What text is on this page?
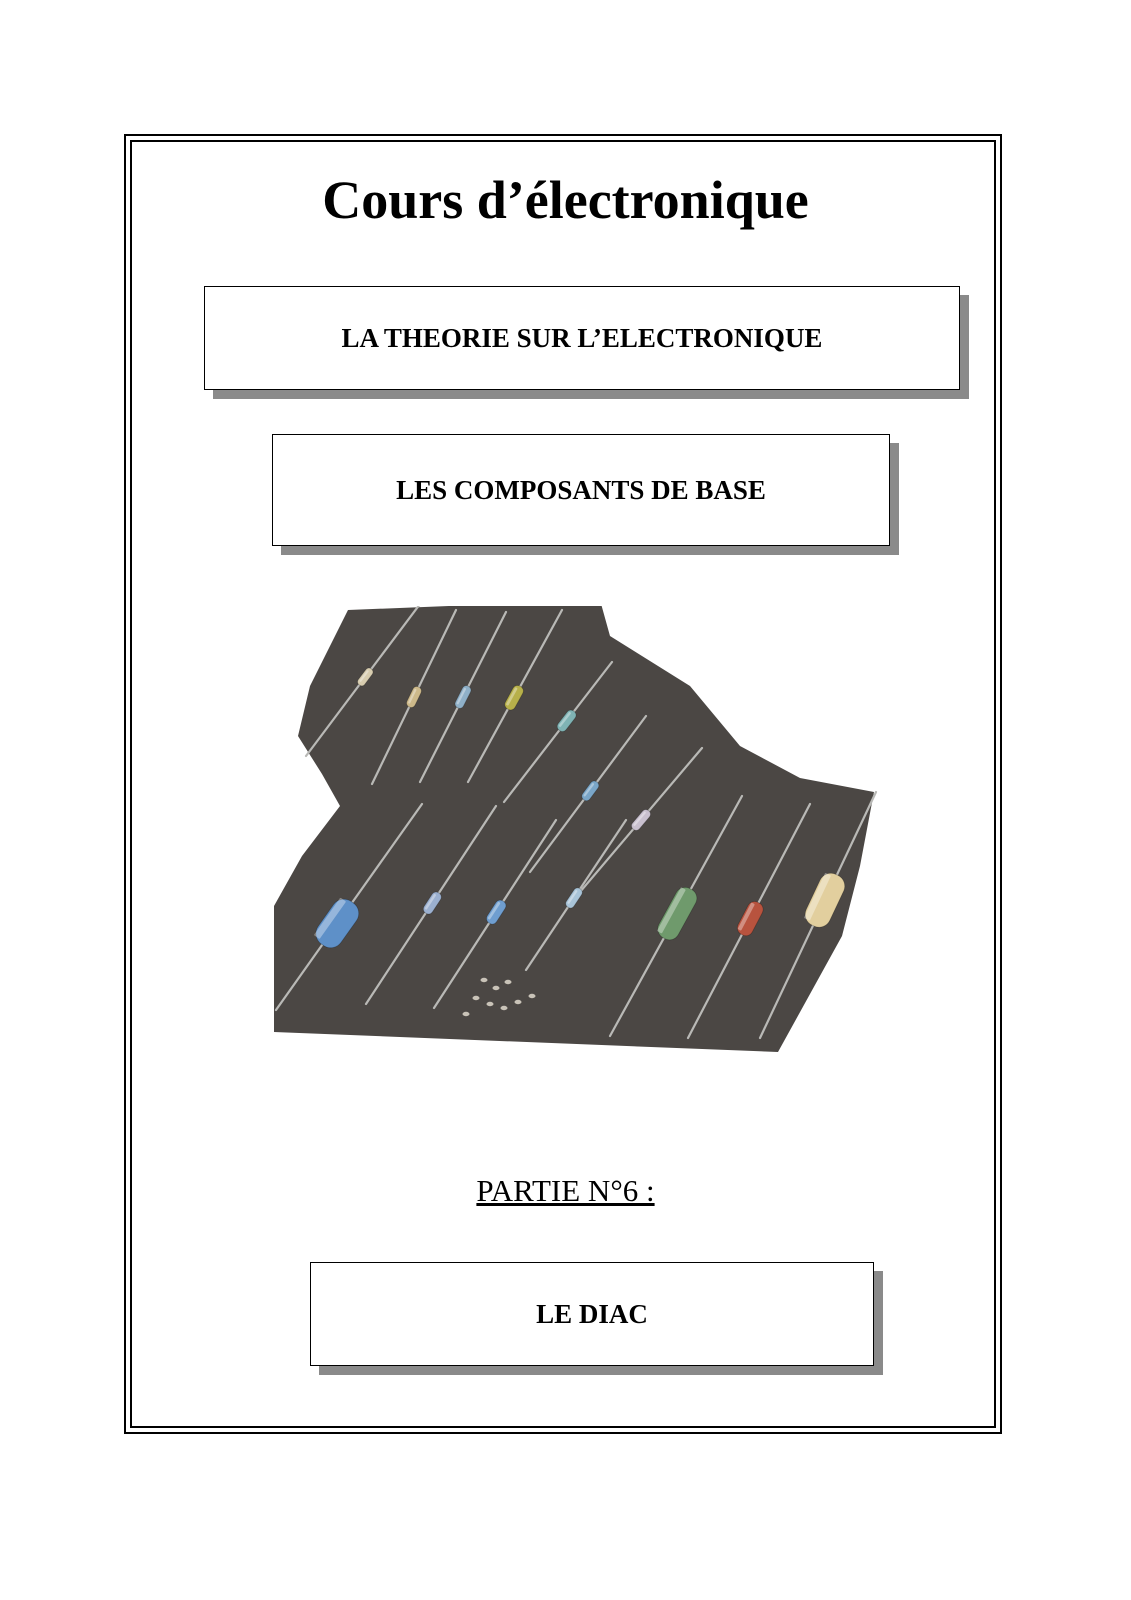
Cours d’électronique
LA THEORIE SUR L’ELECTRONIQUE
LES COMPOSANTS DE BASE
PARTIE N°6 :
LE DIAC
